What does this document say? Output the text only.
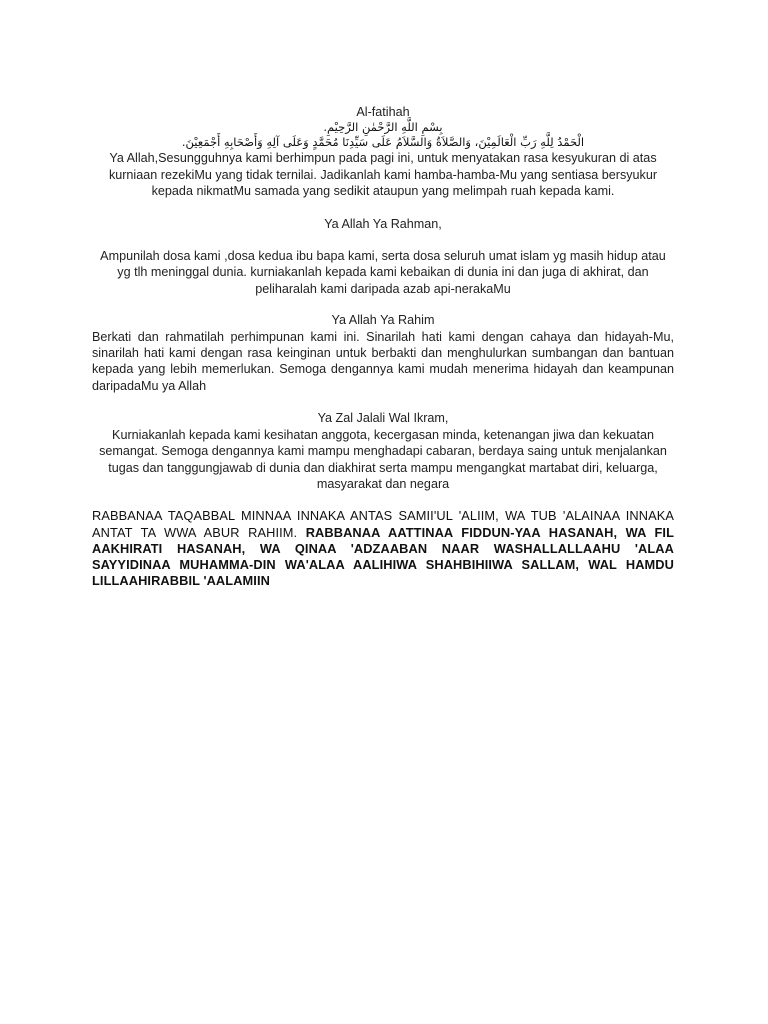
Al-fatihah

بِسْمِ اللَّهِ الرَّحْمٰنِ الرَّحِيْمِ.

الْحَمْدُ لِلَّهِ رَبِّ الْعَالَمِيْنَ، وَالصَّلاَةُ وَالسَّلاَمُ عَلَى سَيِّدِنَا مُحَمَّدٍ وَعَلَى آلِهِ وَأَصْحَابِهِ أَجْمَعِيْنَ.

Ya Allah,Sesungguhnya kami berhimpun pada pagi ini, untuk menyatakan rasa kesyukuran di atas kurniaan rezekiMu yang tidak ternilai. Jadikanlah kami hamba-hamba-Mu yang sentiasa bersyukur kepada nikmatMu samada yang sedikit ataupun yang melimpah ruah kepada kami.

Ya Allah Ya Rahman,

Ampunilah dosa kami ,dosa kedua ibu bapa kami, serta dosa seluruh umat islam yg masih hidup atau yg tlh meninggal dunia. kurniakanlah kepada kami kebaikan di dunia ini dan juga di akhirat, dan peliharalah kami daripada azab api-nerakaMu

Ya Allah Ya Rahim

Berkati dan rahmatilah perhimpunan kami ini. Sinarilah hati kami dengan cahaya dan hidayah-Mu, sinarilah hati kami dengan rasa keinginan untuk berbakti dan menghulurkan sumbangan dan bantuan kepada yang lebih memerlukan. Semoga dengannya kami mudah menerima hidayah dan keampunan daripadaMu ya Allah

Ya Zal Jalali Wal Ikram,

Kurniakanlah kepada kami kesihatan anggota, kecergasan minda, ketenangan jiwa dan kekuatan semangat. Semoga dengannya kami mampu menghadapi cabaran, berdaya saing untuk menjalankan tugas dan tanggungjawab di dunia dan diakhirat serta mampu mengangkat martabat diri, keluarga, masyarakat dan negara

RABBANAA TAQABBAL MINNAA INNAKA ANTAS SAMII'UL 'ALIIM, WA TUB 'ALAINAA INNAKA ANTAT TA WWA ABUR RAHIIM. RABBANAA AATTINAA FIDDUN-YAA HASANAH, WA FIL AAKHIRATI HASANAH, WA QINAA 'ADZAABAN NAAR WASHALLALLAAHU 'ALAA SAYYIDINAA MUHAMMA-DIN WA'ALAA AALIHIWA SHAHBIHIIWA SALLAM, WAL HAMDU LILLAAHIRABBIL 'AALAMIIN
